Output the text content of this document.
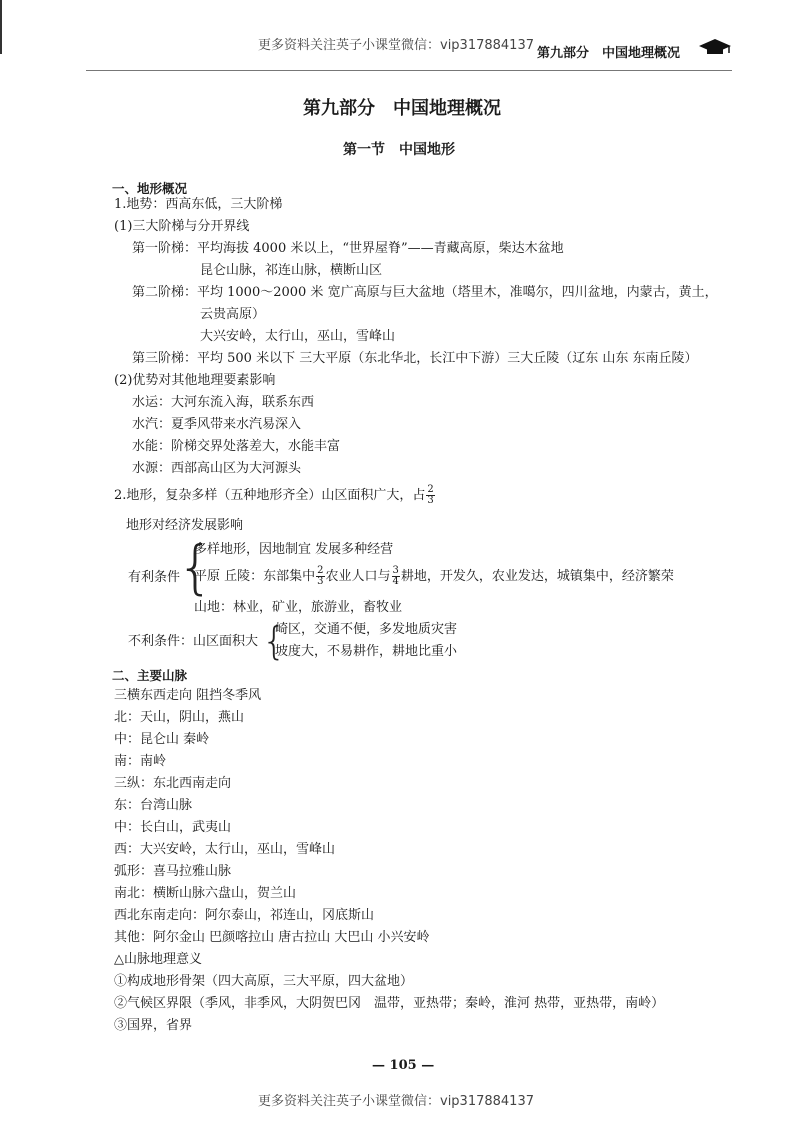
更多资料关注英子小课堂微信：vip317884137
第九部分　中国地理概况
第九部分　中国地理概况
第一节　中国地形
一、地形概况
1.地势：西高东低，三大阶梯
(1)三大阶梯与分开界线
第一阶梯：平均海拔 4000 米以上，“世界屋脊”——青藏高原，柴达木盆地
昆仑山脉，祁连山脉，横断山区
第二阶梯：平均 1000～2000 米 宽广高原与巨大盆地（塔里木，准噶尔，四川盆地，内蒙古，黄土，
云贵高原）
大兴安岭，太行山，巫山，雪峰山
第三阶梯：平均 500 米以下 三大平原（东北华北，长江中下游）三大丘陵（辽东 山东 东南丘陵）
(2)优势对其他地理要素影响
水运：大河东流入海，联系东西
水汽：夏季风带来水汽易深入
水能：阶梯交界处落差大，水能丰富
水源：西部高山区为大河源头
2.地形，复杂多样（五种地形齐全）山区面积广大，占 $\frac{2}{3}$
地形对经济发展影响
有利条件
{
多样地形，因地制宜 发展多种经营
平原 丘陵：东部集中 $\frac{2}{3}$ 农业人口与 $\frac{3}{4}$ 耕地，开发久，农业发达，城镇集中，经济繁荣
山地：林业，矿业，旅游业，畜牧业
不利条件：山区面积大 {
崎区，交通不便，多发地质灾害
坡度大，不易耕作，耕地比重小
二、主要山脉
三横东西走向 阻挡冬季风
北：天山，阴山，燕山
中：昆仑山 秦岭
南：南岭
三纵：东北西南走向
东：台湾山脉
中：长白山，武夷山
西：大兴安岭，太行山，巫山，雪峰山
弧形：喜马拉雅山脉
南北：横断山脉六盘山，贺兰山
西北东南走向：阿尔泰山，祁连山，冈底斯山
其他：阿尔金山 巴颜喀拉山 唐古拉山 大巴山 小兴安岭
△山脉地理意义
①构成地形骨架（四大高原，三大平原，四大盆地）
②气候区界限（季风，非季风，大阴贺巴冈　温带，亚热带；秦岭，淮河 热带，亚热带，南岭）
③国界，省界
— 105 —
更多资料关注英子小课堂微信：vip317884137
